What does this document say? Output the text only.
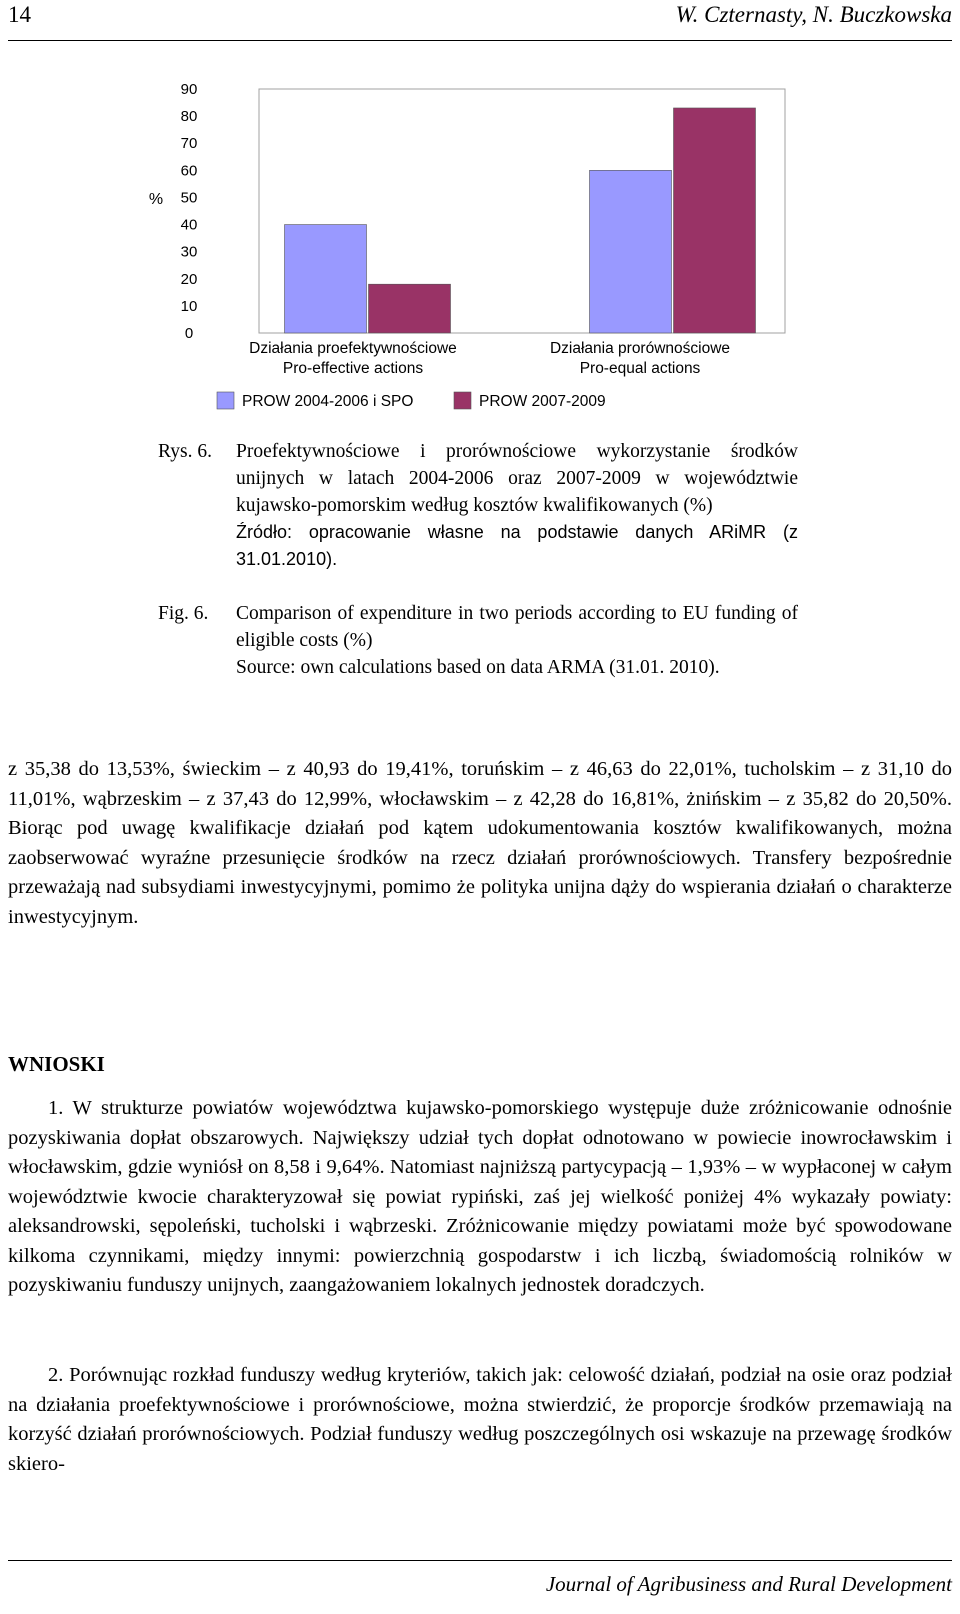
14	W. Czternasty, N. Buczkowska
%
90
80
70
60
50
40
30
20
10
0
Działania proefektywnościowe
Pro-effective actions
Działania prorównościowe
Pro-equal actions
PROW 2004-2006 i SPO	PROW 2007-2009
Rys. 6. Proefektywnościowe i prorównościowe wykorzystanie środków unijnych w latach 2004-2006 oraz 2007-2009 w województwie kujawsko-pomorskim według kosztów kwalifikowanych (%)
Źródło: opracowanie własne na podstawie danych ARiMR (z 31.01.2010).
Fig. 6. Comparison of expenditure in two periods according to EU funding of eligible costs (%)
Source: own calculations based on data ARMA (31.01. 2010).

z 35,38 do 13,53%, świeckim – z 40,93 do 19,41%, toruńskim – z 46,63 do 22,01%, tucholskim – z 31,10 do 11,01%, wąbrzeskim – z 37,43 do 12,99%, włocławskim – z 42,28 do 16,81%, żnińskim – z 35,82 do 20,50%. Biorąc pod uwagę kwalifikacje działań pod kątem udokumentowania kosztów kwalifikowanych, można zaobserwować wyraźne przesunięcie środków na rzecz działań prorównościowych. Transfery bezpośrednie przeważają nad subsydiami inwestycyjnymi, pomimo że polityka unijna dąży do wspierania działań o charakterze inwestycyjnym.

WNIOSKI

1. W strukturze powiatów województwa kujawsko-pomorskiego występuje duże zróżnicowanie odnośnie pozyskiwania dopłat obszarowych. Największy udział tych dopłat odnotowano w powiecie inowrocławskim i włocławskim, gdzie wyniósł on 8,58 i 9,64%. Natomiast najniższą partycypacją – 1,93% – w wypłaconej w całym województwie kwocie charakteryzował się powiat rypiński, zaś jej wielkość poniżej 4% wykazały powiaty: aleksandrowski, sępoleński, tucholski i wąbrzeski. Zróżnicowanie między powiatami może być spowodowane kilkoma czynnikami, między innymi: powierzchnią gospodarstw i ich liczbą, świadomością rolników w pozyskiwaniu funduszy unijnych, zaangażowaniem lokalnych jednostek doradczych.

2. Porównując rozkład funduszy według kryteriów, takich jak: celowość działań, podział na osie oraz podział na działania proefektywnościowe i prorównościowe, można stwierdzić, że proporcje środków przemawiają na korzyść działań prorównościowych. Podział funduszy według poszczególnych osi wskazuje na przewagę środków skiero-

Journal of Agribusiness and Rural Development
